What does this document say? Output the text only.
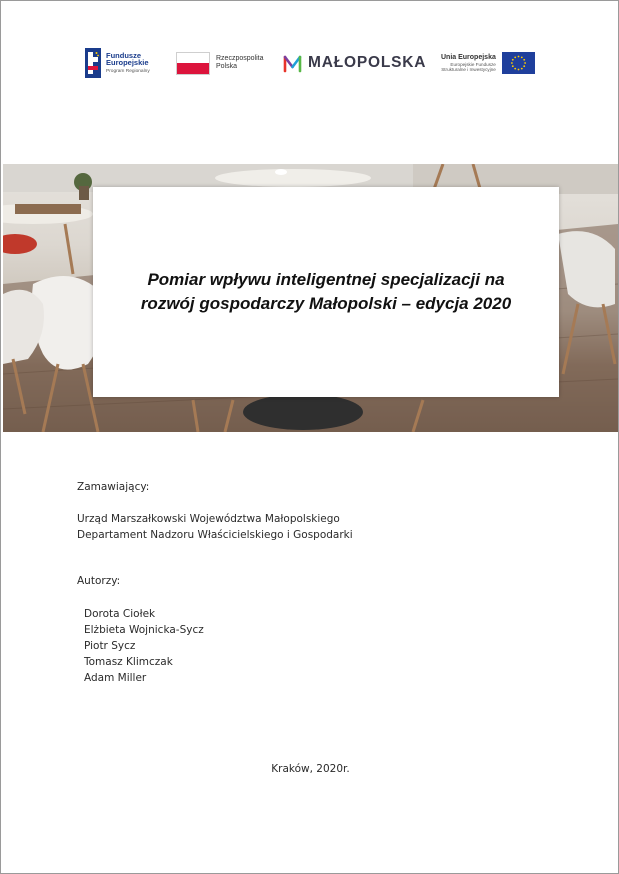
Fundusze
Europejskie
Program Regionalny
Rzeczpospolita
Polska	MAŁOPOLSKA Unia Europejska
Europejskie Fundusze
Strukturalne i Inwestycyjne
Pomiar wpływu inteligentnej specjalizacji na
rozwój gospodarczy Małopolski – edycja 2020
Zamawiający:
Urząd Marszałkowski Województwa Małopolskiego
Departament Nadzoru Właścicielskiego i Gospodarki
Autorzy:
Dorota Ciołek
Elżbieta Wojnicka-Sycz
Piotr Sycz
Tomasz Klimczak
Adam Miller
Kraków, 2020r.
